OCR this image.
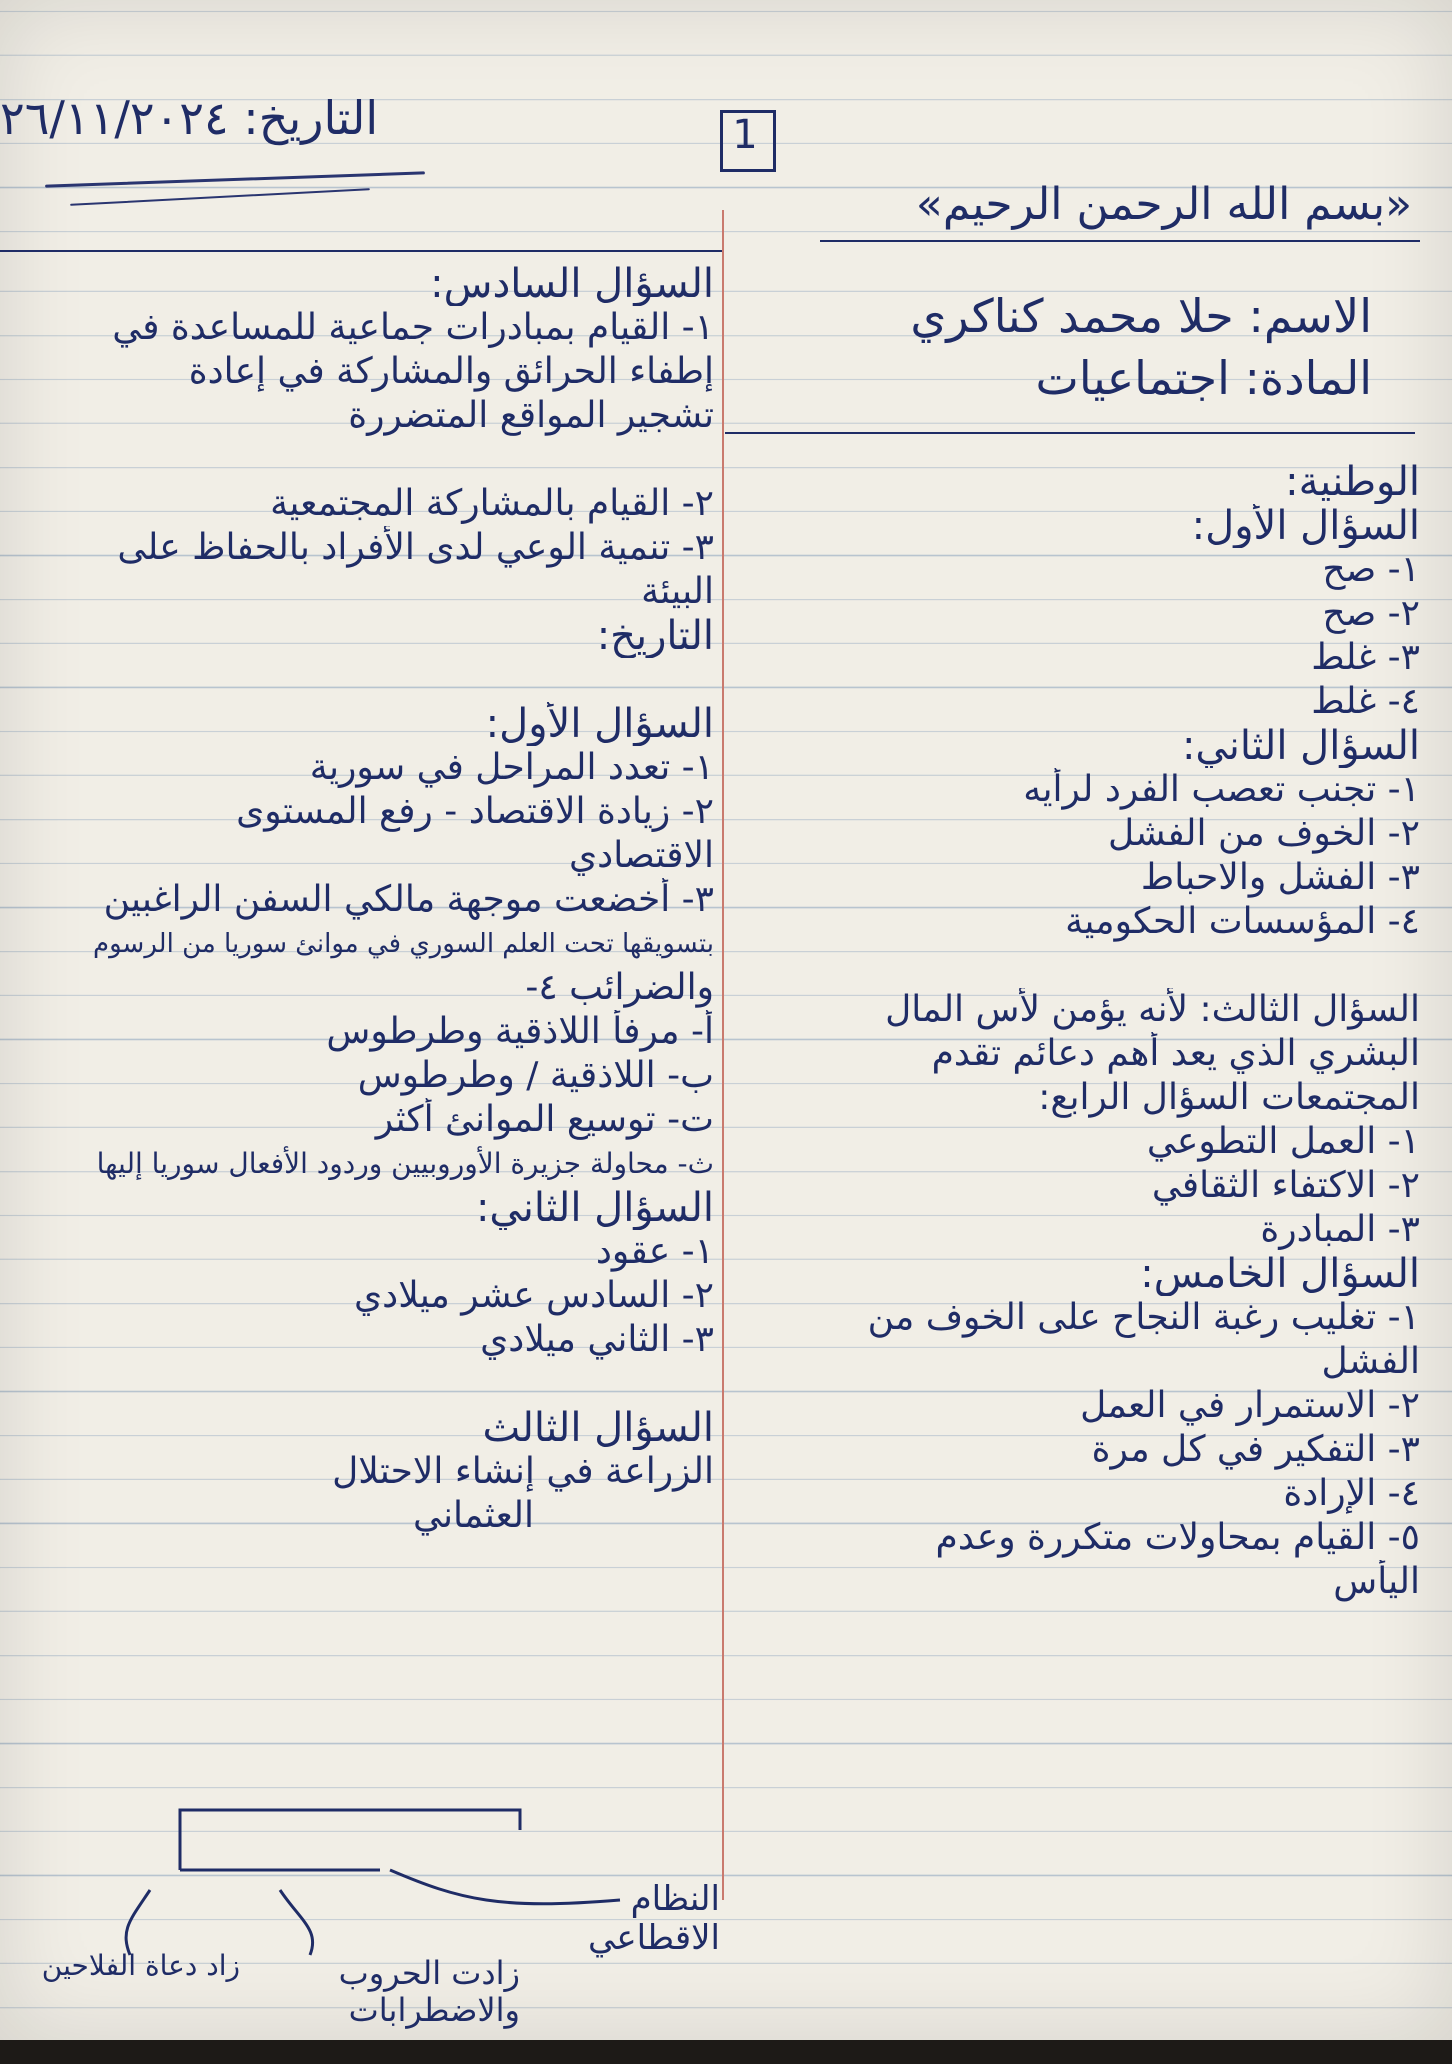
التاريخ: ٢٦/١١/٢٠٢٤	1
«بسم الله الرحمن الرحيم»
الاسم: حلا محمد كناكري
المادة: اجتماعيات
الوطنية:
السؤال الأول:
١- صح
٢- صح
٣- غلط
٤- غلط
السؤال الثاني:
١- تجنب تعصب الفرد لرأيه
٢- الخوف من الفشل
٣- الفشل والاحباط
٤- المؤسسات الحكومية
السؤال الثالث: لأنه يؤمن لأس المال
البشري الذي يعد أهم دعائم تقدم
المجتمعات السؤال الرابع:
١- العمل التطوعي
٢- الاكتفاء الثقافي
٣- المبادرة
السؤال الخامس:
١- تغليب رغبة النجاح على الخوف من
الفشل
٢- الاستمرار في العمل
٣- التفكير في كل مرة
٤- الإرادة
٥- القيام بمحاولات متكررة وعدم
اليأس
السؤال السادس:
١- القيام بمبادرات جماعية للمساعدة في
إطفاء الحرائق والمشاركة في إعادة
تشجير المواقع المتضررة
٢- القيام بالمشاركة المجتمعية
٣- تنمية الوعي لدى الأفراد بالحفاظ على
البيئة
التاريخ:
السؤال الأول:
١- تعدد المراحل في سورية
٢- زيادة الاقتصاد - رفع المستوى
الاقتصادي
٣- أخضعت موجهة مالكي السفن الراغبين
بتسويقها تحت العلم السوري في موانئ سوريا من الرسوم
والضرائب ٤-
أ- مرفأ اللاذقية وطرطوس
ب- اللاذقية / وطرطوس
ت- توسيع الموانئ أكثر
ث- محاولة جزيرة الأوروبيين وردود الأفعال سوريا إليها
السؤال الثاني:
١- عقود
٢- السادس عشر ميلادي
٣- الثاني ميلادي
السؤال الثالث
الزراعة في إنشاء الاحتلال
العثماني
النظام الاقطاعي
زادت الحروب والاضطرابات
زاد دعاة الفلاحين
